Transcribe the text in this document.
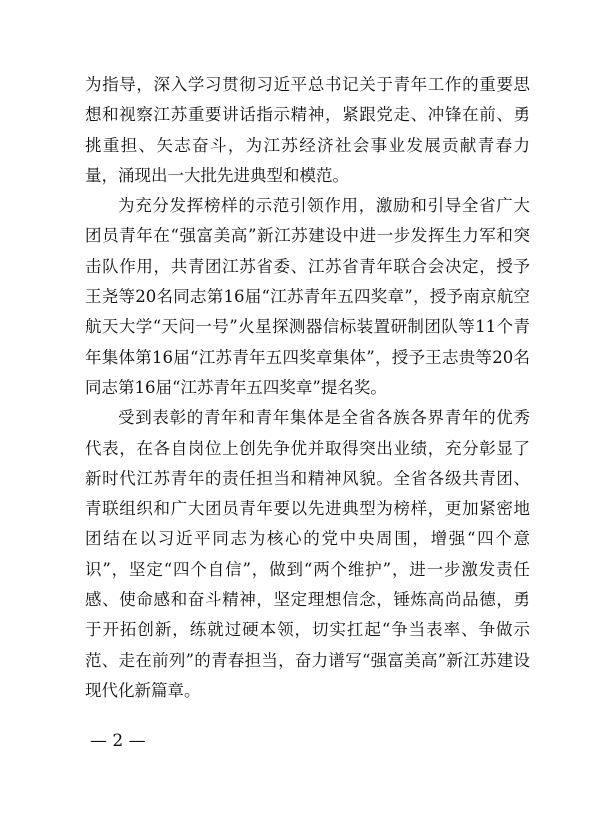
为指导，深入学习贯彻习近平总书记关于青年工作的重要思想和视察江苏重要讲话指示精神，紧跟党走、冲锋在前、勇挑重担、矢志奋斗，为江苏经济社会事业发展贡献青春力量，涌现出一大批先进典型和模范。

为充分发挥榜样的示范引领作用，激励和引导全省广大团员青年在“强富美高”新江苏建设中进一步发挥生力军和突击队作用，共青团江苏省委、江苏省青年联合会决定，授予王尧等20名同志第16届“江苏青年五四奖章”，授予南京航空航天大学“天问一号”火星探测器信标装置研制团队等11个青年集体第16届“江苏青年五四奖章集体”，授予王志贵等20名同志第16届“江苏青年五四奖章”提名奖。

受到表彰的青年和青年集体是全省各族各界青年的优秀代表，在各自岗位上创先争优并取得突出业绩，充分彰显了新时代江苏青年的责任担当和精神风貌。全省各级共青团、青联组织和广大团员青年要以先进典型为榜样，更加紧密地团结在以习近平同志为核心的党中央周围，增强“四个意识”，坚定“四个自信”，做到“两个维护”，进一步激发责任感、使命感和奋斗精神，坚定理想信念，锤炼高尚品德，勇于开拓创新，练就过硬本领，切实扛起“争当表率、争做示范、走在前列”的青春担当，奋力谱写“强富美高”新江苏建设现代化新篇章。

— 2 —
